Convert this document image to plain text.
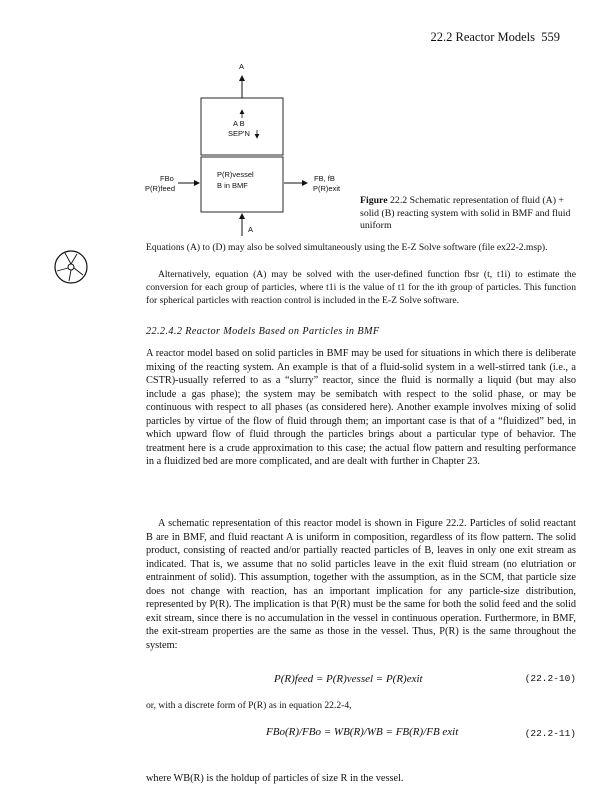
22.2 Reactor Models 559
A
A B
SEP'N
P(R)vessel
B in BMF
FBo
P(R)feed
FB, fB
P(R)exit
A
Figure 22.2 Schematic representation of fluid (A) + solid (B) reacting system with solid in BMF and fluid uniform
Equations (A) to (D) may also be solved simultaneously using the E-Z Solve software (file ex22-2.msp).
Alternatively, equation (A) may be solved with the user-defined function fbsr (t, t1i) to estimate the conversion for each group of particles, where t1i is the value of t1 for the ith group of particles. This function for spherical particles with reaction control is included in the E-Z Solve software.
22.2.4.2 Reactor Models Based on Particles in BMF
A reactor model based on solid particles in BMF may be used for situations in which there is deliberate mixing of the reacting system. An example is that of a fluid-solid system in a well-stirred tank (i.e., a CSTR)-usually referred to as a “slurry” reactor, since the fluid is normally a liquid (but may also include a gas phase); the system may be semibatch with respect to the solid phase, or may be continuous with respect to all phases (as considered here). Another example involves mixing of solid particles by virtue of the flow of fluid through them; an important case is that of a “fluidized” bed, in which upward flow of fluid through the particles brings about a particular type of behavior. The treatment here is a crude approximation to this case; the actual flow pattern and resulting performance in a fluidized bed are more complicated, and are dealt with further in Chapter 23.
A schematic representation of this reactor model is shown in Figure 22.2. Particles of solid reactant B are in BMF, and fluid reactant A is uniform in composition, regardless of its flow pattern. The solid product, consisting of reacted and/or partially reacted particles of B, leaves in only one exit stream as indicated. That is, we assume that no solid particles leave in the exit fluid stream (no elutriation or entrainment of solid). This assumption, together with the assumption, as in the SCM, that particle size does not change with reaction, has an important implication for any particle-size distribution, represented by P(R). The implication is that P(R) must be the same for both the solid feed and the solid exit stream, since there is no accumulation in the vessel in continuous operation. Furthermore, in BMF, the exit-stream properties are the same as those in the vessel. Thus, P(R) is the same throughout the system:
P(R)feed = P(R)vessel = P(R)exit	(22.2-10)
or, with a discrete form of P(R) as in equation 22.2-4,
FBo(R)/FBo = WB(R)/WB = FB(R)/FB exit	(22.2-11)
where WB(R) is the holdup of particles of size R in the vessel.
